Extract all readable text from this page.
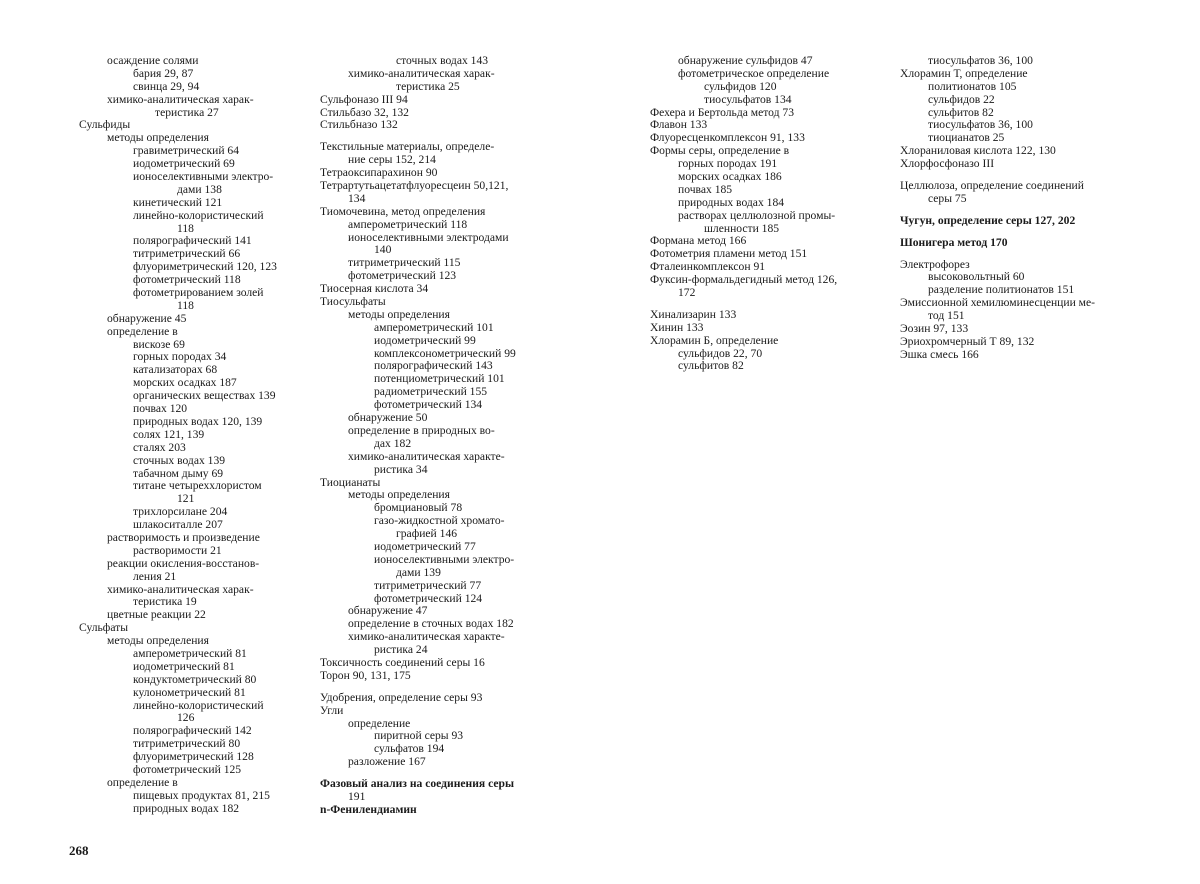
осаждение солями
бария 29, 87
свинца 29, 94
химико-аналитическая харак-
теристика 27
Сульфиды
методы определения
гравиметрический 64
иодометрический 69
ионоселективными электро-
дами 138
кинетический 121
линейно-колористический
118
полярографический 141
титриметрический 66
флуориметрический 120, 123
фотометрический 118
фотометрированием золей
118
обнаружение 45
определение в
вискозе 69
горных породах 34
катализаторах 68
морских осадках 187
органических веществах 139
почвах 120
природных водах 120, 139
солях 121, 139
сталях 203
сточных водах 139
табачном дыму 69
титане четыреххлористом
121
трихлорсилане 204
шлакоситалле 207
растворимость и произведение
растворимости 21
реакции окисления-восстанов-
ления 21
химико-аналитическая харак-
теристика 19
цветные реакции 22
Сульфаты
методы определения
амперометрический 81
иодометрический 81
кондуктометрический 80
кулонометрический 81
линейно-колористический
126
полярографический 142
титриметрический 80
флуориметрический 128
фотометрический 125
определение в
пищевых продуктах 81, 215
природных водах 182
сточных водах 143
химико-аналитическая харак-
теристика 25
Сульфоназо III 94
Стильбазо 32, 132
Стильбназо 132
Текстильные материалы, определе-
ние серы 152, 214
Тетраоксипарахинон 90
Тетрартутьацетатфлуоресцеин 50,121,
134
Тиомочевина, метод определения
амперометрический 118
ионоселективными электродами
140
титриметрический 115
фотометрический 123
Тиосерная кислота 34
Тиосульфаты
методы определения
амперометрический 101
иодометрический 99
комплексонометрический 99
полярографический 143
потенциометрический 101
радиометрический 155
фотометрический 134
обнаружение 50
определение в природных во-
дах 182
химико-аналитическая характе-
ристика 34
Тиоцианаты
методы определения
бромциановый 78
газо-жидкостной хромато-
графией 146
иодометрический 77
ионоселективными электро-
дами 139
титриметрический 77
фотометрический 124
обнаружение 47
определение в сточных водах 182
химико-аналитическая характе-
ристика 24
Токсичность соединений серы 16
Торон 90, 131, 175
Удобрения, определение серы 93
Угли
определение
пиритной серы 93
сульфатов 194
разложение 167
Фазовый анализ на соединения серы
191
n-Фенилендиамин
обнаружение сульфидов 47
фотометрическое определение
сульфидов 120
тиосульфатов 134
Фехера и Бертольда метод 73
Флавон 133
Флуоресценкомплексон 91, 133
Формы серы, определение в
горных породах 191
морских осадках 186
почвах 185
природных водах 184
растворах целлюлозной промы-
шленности 185
Формана метод 166
Фотометрия пламени метод 151
Фталеинкомплексон 91
Фуксин-формальдегидный метод 126,
172
Хинализарин 133
Хинин 133
Хлорамин Б, определение
сульфидов 22, 70
сульфитов 82
тиосульфатов 36, 100
Хлорамин Т, определение
политионатов 105
сульфидов 22
сульфитов 82
тиосульфатов 36, 100
тиоцианатов 25
Хлораниловая кислота 122, 130
Хлорфосфоназо III
Целлюлоза, определение соединений
серы 75
Чугун, определение серы 127, 202
Шонигера метод 170
Электрофорез
высоковольтный 60
разделение политионатов 151
Эмиссионной хемилюминесценции ме-
тод 151
Эозин 97, 133
Эриохромчерный Т 89, 132
Эшка смесь 166
268
